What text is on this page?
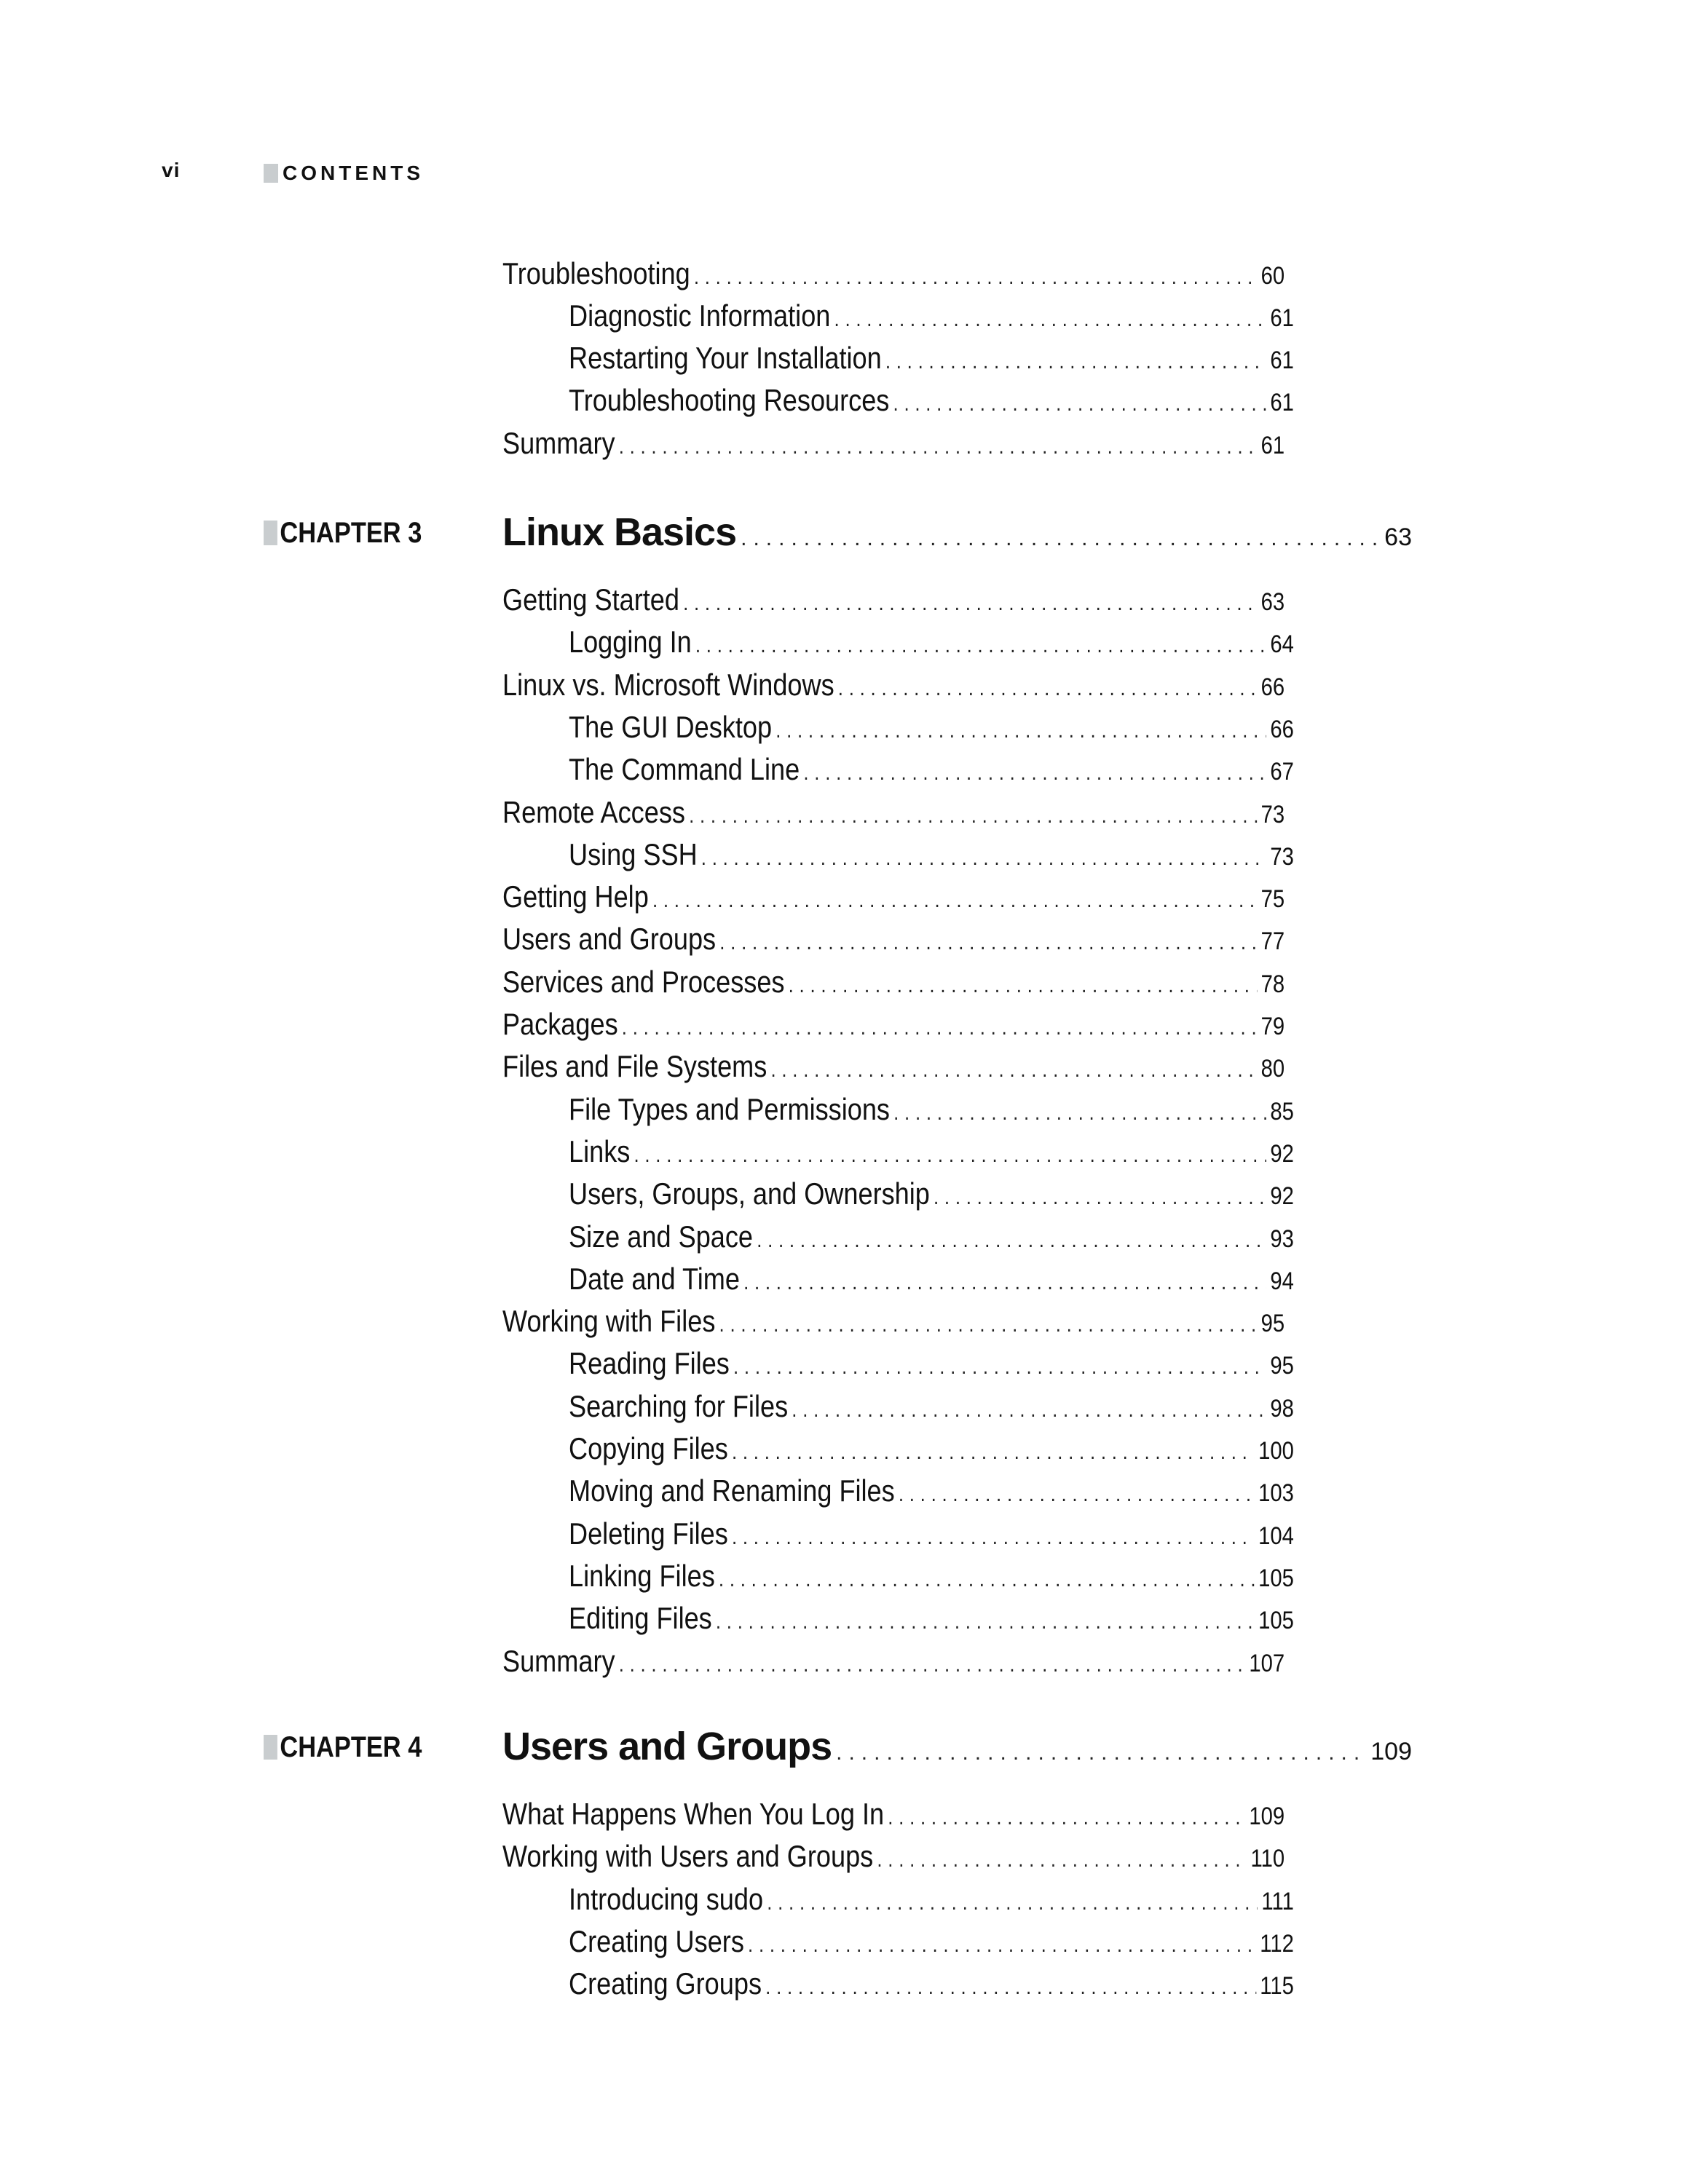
vi	CONTENTS
Troubleshooting .....	60
Diagnostic Information .....	61
Restarting Your Installation .....	61
Troubleshooting Resources .....	61
Summary .....	61
CHAPTER 3 Linux Basics .....	63
Getting Started .....	63
Logging In .....	64
Linux vs. Microsoft Windows .....	66
The GUI Desktop .....	66
The Command Line .....	67
Remote Access .....	73
Using SSH .....	73
Getting Help .....	75
Users and Groups .....	77
Services and Processes .....	78
Packages .....	79
Files and File Systems .....	80
File Types and Permissions .....	85
Links .....	92
Users, Groups, and Ownership .....	92
Size and Space .....	93
Date and Time .....	94
Working with Files .....	95
Reading Files .....	95
Searching for Files .....	98
Copying Files .....	100
Moving and Renaming Files .....	103
Deleting Files .....	104
Linking Files .....	105
Editing Files .....	105
Summary .....	107
CHAPTER 4 Users and Groups .....	109
What Happens When You Log In .....	109
Working with Users and Groups .....	110
Introducing sudo .....	111
Creating Users .....	112
Creating Groups .....	115
